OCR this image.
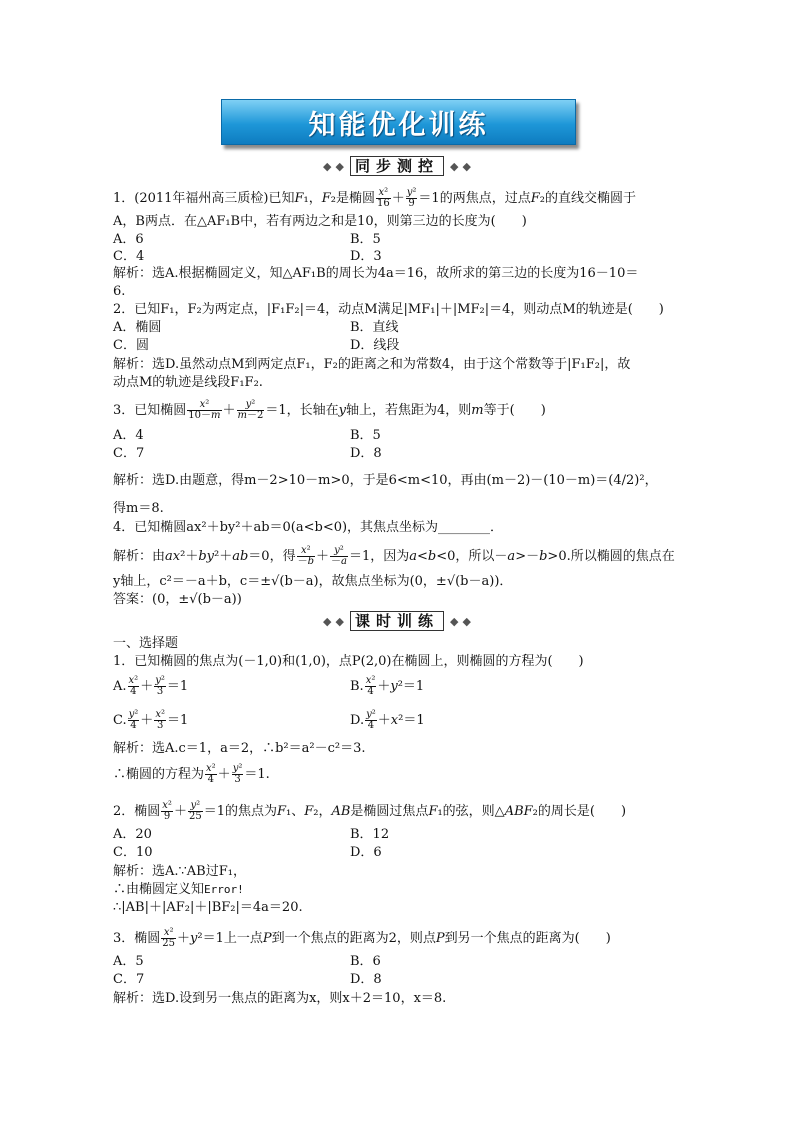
知能优化训练
◆ ◆ 同步测控	◆ ◆
1．(2011年福州高三质检)已知F₁，F₂是椭圆 $\frac{\text{x²}}{16} + \frac{\text{y²}}{9} =1$的两焦点，过点F₂的直线交椭圆于
A，B两点．在△AF₁B中，若有两边之和是10，则第三边的长度为(　　)
A．6	B．5
C．4	D．3
解析：选A.根据椭圆定义，知△AF₁B的周长为4a＝16，故所求的第三边的长度为16－10＝
6.
2．已知F₁，F₂为两定点，|F₁F₂|＝4，动点M满足|MF₁|＋|MF₂|＝4，则动点M的轨迹是(　　)
A．椭圆	B．直线
C．圆	D．线段
解析：选D.虽然动点M到两定点F₁，F₂的距离之和为常数4，由于这个常数等于|F₁F₂|，故
动点M的轨迹是线段F₁F₂.
3．已知椭圆 $\frac{\text{x²}}{10-m} + \frac{\text{y²}}{m-2} =1$，长轴在y轴上，若焦距为4，则m等于(　　)
A．4	B．5
C．7	D．8
解析：选D.由题意，得m－2>10－m>0，于是6<m<10，再由(m－2)－(10－m)＝(4/2)²，
得m＝8.
4．已知椭圆ax²＋by²＋ab＝0(a<b<0)，其焦点坐标为________．
解析：由ax²＋by²＋ab＝0，得 $\frac{\text{x²}}{-b} + \frac{\text{y²}}{-a} =1$，因为a<b<0，所以－a>－b>0.所以椭圆的焦点在
y轴上，c²＝－a＋b，c＝±√(b－a)，故焦点坐标为(0，±√(b－a))．
答案：(0，±√(b－a))
◆ ◆ 课时训练	◆ ◆
一、选择题
1．已知椭圆的焦点为(－1,0)和(1,0)，点P(2,0)在椭圆上，则椭圆的方程为(　　)
A. $\frac{\text{x²}}{4} + \frac{\text{y²}}{3} =1$	B. $\frac{\text{x²}}{4} +y^2=1$
C. $\frac{\text{y²}}{4} + \frac{\text{x²}}{3} =1$	D. $\frac{\text{y²}}{4} +x^2=1$
解析：选A.c＝1，a＝2，∴b²＝a²－c²＝3.
∴椭圆的方程为 $\frac{\text{x²}}{4} + \frac{\text{y²}}{3} =1$.
2．椭圆 $\frac{\text{x²}}{9} + \frac{\text{y²}}{25} =1$的焦点为F₁、F₂，AB是椭圆过焦点F₁的弦，则△ABF₂的周长是(　　)
A．20	B．12
C．10	D．6
解析：选A.∵AB过F₁，
∴由椭圆定义知Error!
∴|AB|＋|AF₂|＋|BF₂|＝4a＝20.
3．椭圆 $\frac{\text{x²}}{25} +y^2=1$上一点P到一个焦点的距离为2，则点P到另一个焦点的距离为(　　)
A．5	B．6
C．7	D．8
解析：选D.设到另一焦点的距离为x，则x＋2＝10，x＝8.
